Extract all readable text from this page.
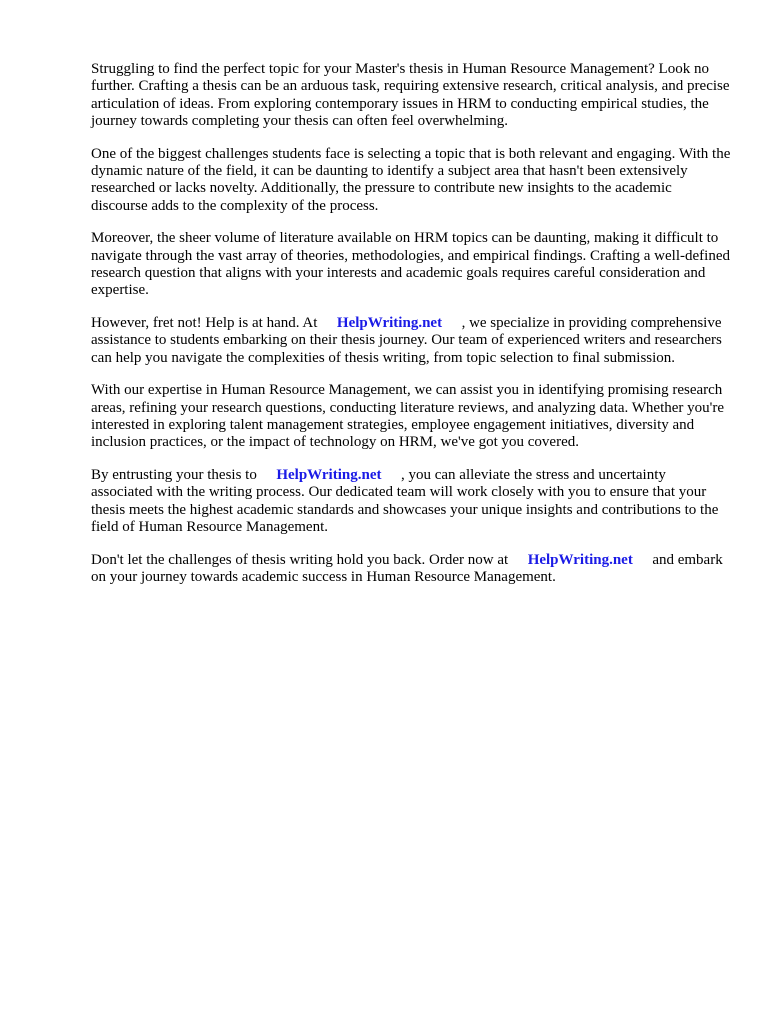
Struggling to find the perfect topic for your Master's thesis in Human Resource Management? Look no further. Crafting a thesis can be an arduous task, requiring extensive research, critical analysis, and precise articulation of ideas. From exploring contemporary issues in HRM to conducting empirical studies, the journey towards completing your thesis can often feel overwhelming.

One of the biggest challenges students face is selecting a topic that is both relevant and engaging. With the dynamic nature of the field, it can be daunting to identify a subject area that hasn't been extensively researched or lacks novelty. Additionally, the pressure to contribute new insights to the academic discourse adds to the complexity of the process.

Moreover, the sheer volume of literature available on HRM topics can be daunting, making it difficult to navigate through the vast array of theories, methodologies, and empirical findings. Crafting a well-defined research question that aligns with your interests and academic goals requires careful consideration and expertise.

However, fret not! Help is at hand. At HelpWriting.net , we specialize in providing comprehensive assistance to students embarking on their thesis journey. Our team of experienced writers and researchers can help you navigate the complexities of thesis writing, from topic selection to final submission.

With our expertise in Human Resource Management, we can assist you in identifying promising research areas, refining your research questions, conducting literature reviews, and analyzing data. Whether you're interested in exploring talent management strategies, employee engagement initiatives, diversity and inclusion practices, or the impact of technology on HRM, we've got you covered.

By entrusting your thesis to HelpWriting.net , you can alleviate the stress and uncertainty associated with the writing process. Our dedicated team will work closely with you to ensure that your thesis meets the highest academic standards and showcases your unique insights and contributions to the field of Human Resource Management.

Don't let the challenges of thesis writing hold you back. Order now at HelpWriting.net and embark on your journey towards academic success in Human Resource Management.
